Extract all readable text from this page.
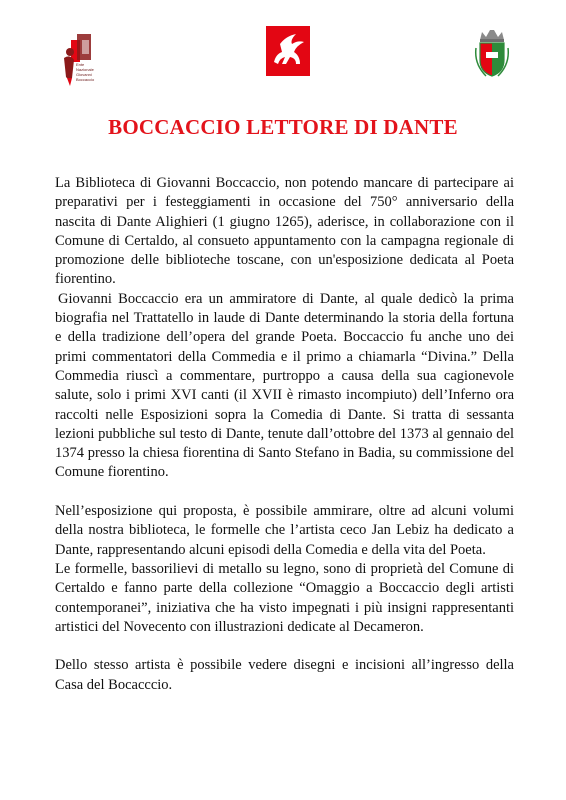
Ente
Nazionale
Giovanni
Boccaccio
BOCCACCIO LETTORE DI DANTE

La Biblioteca di Giovanni Boccaccio, non potendo mancare di partecipare ai preparativi per i festeggiamenti in occasione del 750° anniversario della nascita di Dante Alighieri (1 giugno 1265), aderisce, in collaborazione con il Comune di Certaldo, al consueto appuntamento con la campagna regionale di promozione delle biblioteche toscane, con un'esposizione dedicata al Poeta fiorentino.

Giovanni Boccaccio era un ammiratore di Dante, al quale dedicò la prima biografia nel Trattatello in laude di Dante determinando la storia della fortuna e della tradizione dell’opera del grande Poeta. Boccaccio fu anche uno dei primi commentatori della Commedia e il primo a chiamarla “Divina.” Della Commedia riuscì a commentare, purtroppo a causa della sua cagionevole salute, solo i primi XVI canti (il XVII è rimasto incompiuto) dell’Inferno ora raccolti nelle Esposizioni sopra la Comedia di Dante. Si tratta di sessanta lezioni pubbliche sul testo di Dante, tenute dall’ottobre del 1373 al gennaio del 1374 presso la chiesa fiorentina di Santo Stefano in Badia, su commissione del Comune fiorentino.

Nell’esposizione qui proposta, è possibile ammirare, oltre ad alcuni volumi della nostra biblioteca, le formelle che l’artista ceco Jan Lebiz ha dedicato a Dante, rappresentando alcuni episodi della Comedia e della vita del Poeta.

Le formelle, bassorilievi di metallo su legno, sono di proprietà del Comune di Certaldo e fanno parte della collezione “Omaggio a Boccaccio degli artisti contemporanei”, iniziativa che ha visto impegnati i più insigni rappresentanti artistici del Novecento con illustrazioni dedicate al Decameron.

Dello stesso artista è possibile vedere disegni e incisioni all’ingresso della Casa del Bocacccio.
